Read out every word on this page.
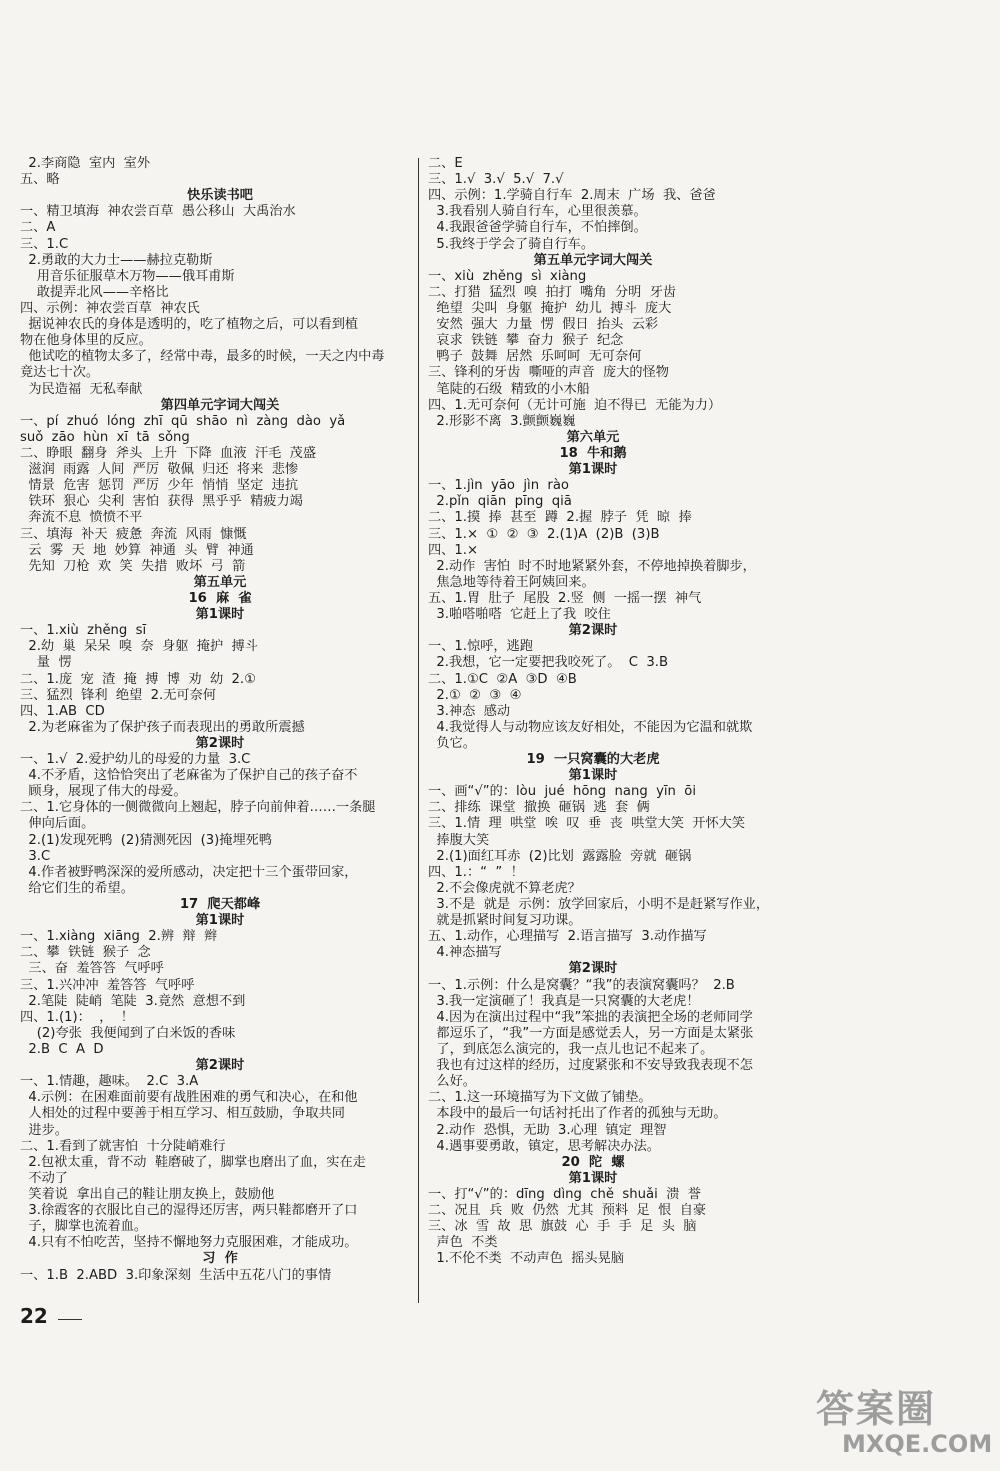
2.李商隐  室内  室外
五、略
快乐读书吧
一、精卫填海  神农尝百草  愚公移山  大禹治水
二、A
三、1.C
2.勇敢的大力士——赫拉克勒斯
用音乐征服草木万物——俄耳甫斯
敢提弄北风——辛格比
四、示例：神农尝百草  神农氏
据说神农氏的身体是透明的，吃了植物之后，可以看到植
物在他身体里的反应。
他试吃的植物太多了，经常中毒，最多的时候，一天之内中毒
竟达七十次。
为民造福  无私奉献
第四单元字词大闯关
一、pí  zhuó  lóng  zhī  qū  shāo  nì  zàng  dào  yǎ
suǒ  zāo  hùn  xī  tā  sǒng
二、睁眼  翻身  斧头  上升  下降  血液  汗毛  茂盛
滋润  雨露  人间  严厉  敬佩  归还  将来  悲惨
情景  危害  惩罚  严厉  少年  悄悄  坚定  违抗
铁环  狠心  尖利  害怕  获得  黑乎乎  精疲力竭
奔流不息  愤愤不平
三、填海  补天  疲惫  奔流  风雨  慷慨
云  雾  天  地  妙算  神通  头  臂  神通
先知  刀枪  欢  笑  失措  败坏  弓  箭
第五单元
16  麻  雀
第1课时
一、1.xiù  zhěng  sī
2.幼  巢  呆呆  嗅  奈  身躯  掩护  搏斗
量  愣
二、1.庞  宠  渣  掩  搏  博  劝  幼  2.①
三、猛烈  锋利  绝望  2.无可奈何
四、1.AB  CD
2.为老麻雀为了保护孩子而表现出的勇敢所震撼
第2课时
一、1.√  2.爱护幼儿的母爱的力量  3.C
4.不矛盾，这恰恰突出了老麻雀为了保护自己的孩子奋不
顾身，展现了伟大的母爱。
二、1.它身体的一侧微微向上翘起，脖子向前伸着……一条腿
伸向后面。
2.(1)发现死鸭  (2)猜测死因  (3)掩埋死鸭
3.C
4.作者被野鸭深深的爱所感动，决定把十三个蛋带回家，
给它们生的希望。
17  爬天都峰
第1课时
一、1.xiàng  xiāng  2.辨  辩  辫
二、攀  铁链  猴子  念
三、奋  羞答答  气呼呼
三、1.兴冲冲  羞答答  气呼呼
2.笔陡  陡峭  笔陡  3.竟然  意想不到
四、1.(1)：  ，  ！
(2)夸张  我便闻到了白米饭的香味
2.B  C  A  D
第2课时
一、1.情趣，趣味。  2.C  3.A
4.示例：在困难面前要有战胜困难的勇气和决心，在和他
人相处的过程中要善于相互学习、相互鼓励，争取共同
进步。
二、1.看到了就害怕  十分陡峭难行
2.包袱太重，背不动  鞋磨破了，脚掌也磨出了血，实在走
不动了
笑着说  拿出自己的鞋让朋友换上，鼓励他
3.徐霞客的衣服比自己的湿得还厉害，两只鞋都磨开了口
子，脚掌也流着血。
4.只有不怕吃苦，坚持不懈地努力克服困难，才能成功。
习  作
一、1.B  2.ABD  3.印象深刻  生活中五花八门的事情
二、E
三、1.√  3.√  5.√  7.√
四、示例：1.学骑自行车  2.周末  广场  我、爸爸
3.我看别人骑自行车，心里很羡慕。
4.我跟爸爸学骑自行车，不怕摔倒。
5.我终于学会了骑自行车。
第五单元字词大闯关
一、xiù  zhěng  sì  xiàng
二、打猎  猛烈  嗅  拍打  嘴角  分明  牙齿
绝望  尖叫  身躯  掩护  幼儿  搏斗  庞大
安然  强大  力量  愣  假日  抬头  云彩
哀求  铁链  攀  奋力  猴子  纪念
鸭子  鼓舞  居然  乐呵呵  无可奈何
三、锋利的牙齿  嘶哑的声音  庞大的怪物
笔陡的石级  精致的小木船
四、1.无可奈何（无计可施  迫不得已  无能为力）
2.形影不离  3.颤颤巍巍
第六单元
18  牛和鹅
第1课时
一、1.jìn  yāo  jìn  rào
2.pǐn  qiān  pīng  qiā
二、1.摸  捧  甚至  蹲  2.握  脖子  凭  晾  捧
三、1.×  ①  ②  ③  2.(1)A  (2)B  (3)B
四、1.×
2.动作  害怕  时不时地紧紧外套，不停地掉换着脚步，
焦急地等待着王阿姨回来。
五、1.胃  肚子  尾股  2.竖  侧  一摇一摆  神气
3.啪嗒啪嗒  它赶上了我  咬住
第2课时
一、1.惊呼，逃跑
2.我想，它一定要把我咬死了。  C  3.B
二、1.①C  ②A  ③D  ④B
2.①  ②  ③  ④
3.神态  感动
4.我觉得人与动物应该友好相处，不能因为它温和就欺
负它。
19  一只窝囊的大老虎
第1课时
一、画“√”的：lòu  jué  hōng  nang  yīn  ōi
二、排练  课堂  撤换  砸锅  逃  套  俩
三、1.情  理  哄堂  唉  叹  垂  丧  哄堂大笑  开怀大笑
捧腹大笑
2.(1)面红耳赤  (2)比划  露露脸  旁就  砸锅
四、1.：“  ”  ！
2.不会像虎就不算老虎？
3.不是  就是  示例：放学回家后，小明不是赶紧写作业，
就是抓紧时间复习功课。
五、1.动作，心理描写  2.语言描写  3.动作描写
4.神态描写
第2课时
一、1.示例：什么是窝囊？“我”的表演窝囊吗？  2.B
3.我一定演砸了！我真是一只窝囊的大老虎！
4.因为在演出过程中“我”笨拙的表演把全场的老师同学
都逗乐了，“我”一方面是感觉丢人，另一方面是太紧张
了，到底怎么演完的，我一点儿也记不起来了。
我也有过这样的经历，过度紧张和不安导致我表现不怎
么好。
二、1.这一环境描写为下文做了铺垫。
本段中的最后一句话衬托出了作者的孤独与无助。
2.动作  恐惧，无助  3.心理  镇定  理智
4.遇事要勇敢，镇定，思考解决办法。
20  陀  螺
第1课时
一、打“√”的：dīng  dìng  chě  shuǎi  溃  誉
二、况且  兵  败  仍然  尤其  预料  足  恨  自豪
三、冰  雪  故  思  旗鼓  心  手  手  足  头  脑
声色  不类
1.不伦不类  不动声色  摇头晃脑
22
答案圈
MXQE.COM
